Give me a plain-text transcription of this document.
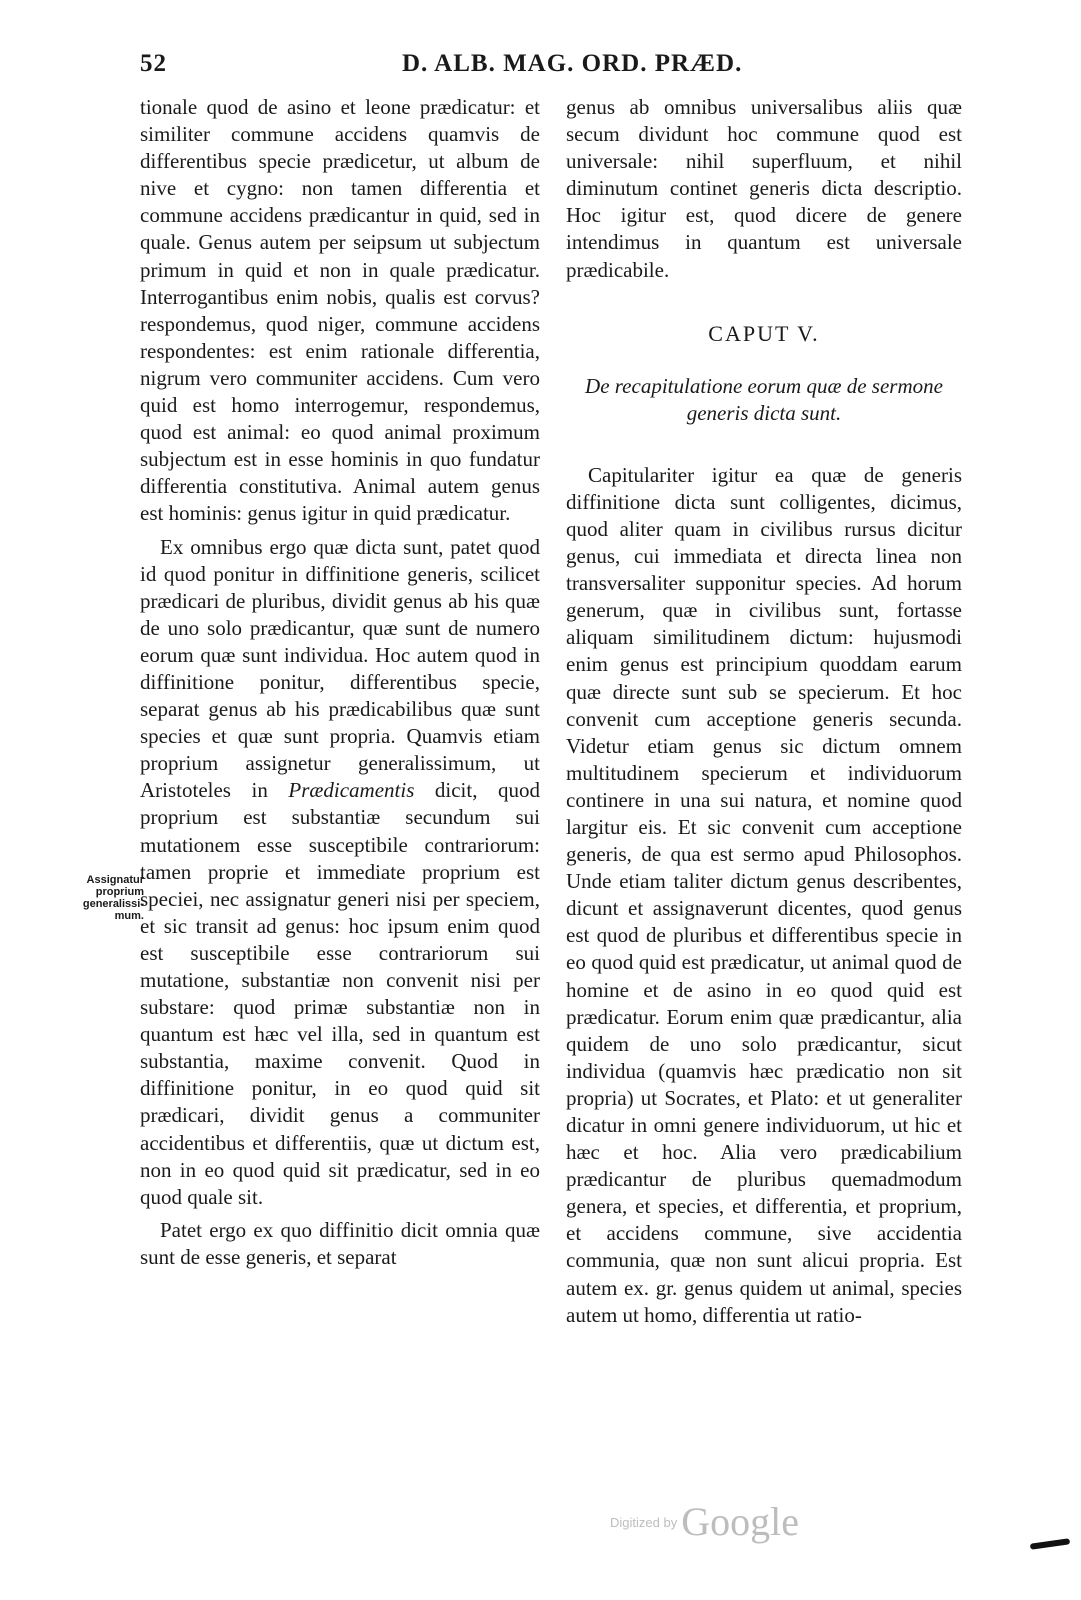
52	D. ALB. MAG. ORD. PRÆD.

tionale quod de asino et leone prædicatur: et similiter commune accidens quamvis de differentibus specie prædicetur, ut album de nive et cygno: non tamen differentia et commune accidens prædicantur in quid, sed in quale. Genus autem per seipsum ut subjectum primum in quid et non in quale prædicatur. Interrogantibus enim nobis, qualis est corvus? respondemus, quod niger, commune accidens respondentes: est enim rationale differentia, nigrum vero communiter accidens. Cum vero quid est homo interrogemur, respondemus, quod est animal: eo quod animal proximum subjectum est in esse hominis in quo fundatur differentia constitutiva. Animal autem genus est hominis: genus igitur in quid prædicatur.

Ex omnibus ergo quæ dicta sunt, patet quod id quod ponitur in diffinitione generis, scilicet prædicari de pluribus, dividit genus ab his quæ de uno solo prædicantur, quæ sunt de numero eorum quæ sunt individua. Hoc autem quod in diffinitione ponitur, differentibus specie, separat genus ab his prædicabilibus quæ sunt species et quæ sunt propria. Quamvis etiam proprium assignetur generalissimum, ut Aristoteles in Prædicamentis dicit, quod proprium est substantiæ secundum sui mutationem esse susceptibile contrariorum: tamen proprie et immediate proprium est speciei, nec assignatur generi nisi per speciem, et sic transit ad genus: hoc ipsum enim quod est susceptibile esse contrariorum sui mutatione, substantiæ non convenit nisi per substare: quod primæ substantiæ non in quantum est hæc vel illa, sed in quantum est substantia, maxime convenit. Quod in diffinitione ponitur, in eo quod quid sit prædicari, dividit genus a communiter accidentibus et differentiis, quæ ut dictum est, non in eo quod quid sit prædicatur, sed in eo quod quale sit.

Patet ergo ex quo diffinitio dicit omnia quæ sunt de esse generis, et separat

Assignatur
proprium
generalissi-
mum.

genus ab omnibus universalibus aliis quæ secum dividunt hoc commune quod est universale: nihil superfluum, et nihil diminutum continet generis dicta descriptio. Hoc igitur est, quod dicere de genere intendimus in quantum est universale prædicabile.

CAPUT V.

De recapitulatione eorum quæ de sermone
generis dicta sunt.

Capitulariter igitur ea quæ de generis diffinitione dicta sunt colligentes, dicimus, quod aliter quam in civilibus rursus dicitur genus, cui immediata et directa linea non transversaliter supponitur species. Ad horum generum, quæ in civilibus sunt, fortasse aliquam similitudinem dictum: hujusmodi enim genus est principium quoddam earum quæ directe sunt sub se specierum. Et hoc convenit cum acceptione generis secunda. Videtur etiam genus sic dictum omnem multitudinem specierum et individuorum continere in una sui natura, et nomine quod largitur eis. Et sic convenit cum acceptione generis, de qua est sermo apud Philosophos. Unde etiam taliter dictum genus describentes, dicunt et assignaverunt dicentes, quod genus est quod de pluribus et differentibus specie in eo quod quid est prædicatur, ut animal quod de homine et de asino in eo quod quid est prædicatur. Eorum enim quæ prædicantur, alia quidem de uno solo prædicantur, sicut individua (quamvis hæc prædicatio non sit propria) ut Socrates, et Plato: et ut generaliter dicatur in omni genere individuorum, ut hic et hæc et hoc. Alia vero prædicabilium prædicantur de pluribus quemadmodum genera, et species, et differentia, et proprium, et accidens commune, sive accidentia communia, quæ non sunt alicui propria. Est autem ex. gr. genus quidem ut animal, species autem ut homo, differentia ut ratio-

$^{Digitized by}$ Google
